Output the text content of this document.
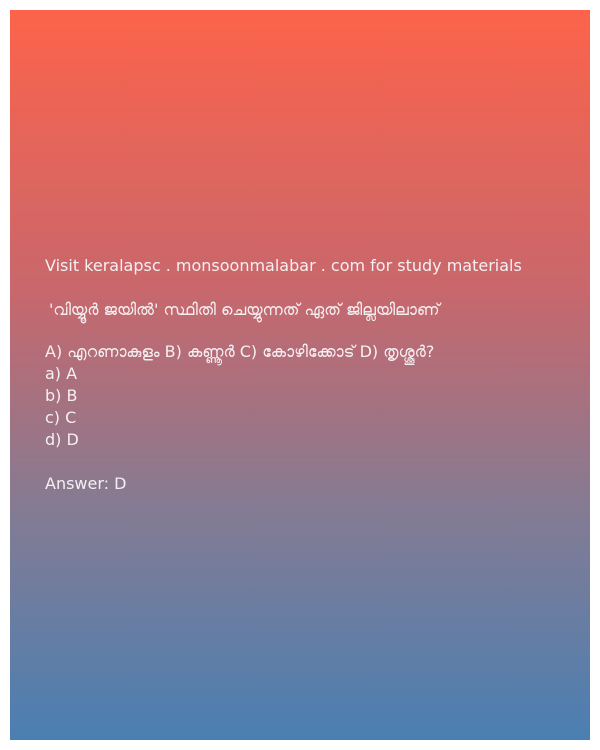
Visit keralapsc . monsoonmalabar . com for study materials

'വിയ്യൂർ ജയിൽ' സ്ഥിതി ചെയ്യുന്നത് ഏത് ജില്ലയിലാണ്

A) എറണാകുളം B) കണ്ണൂർ C) കോഴിക്കോട് D) തൃശ്ശൂർ?

a) A
b) B
c) C
d) D
Answer: D
